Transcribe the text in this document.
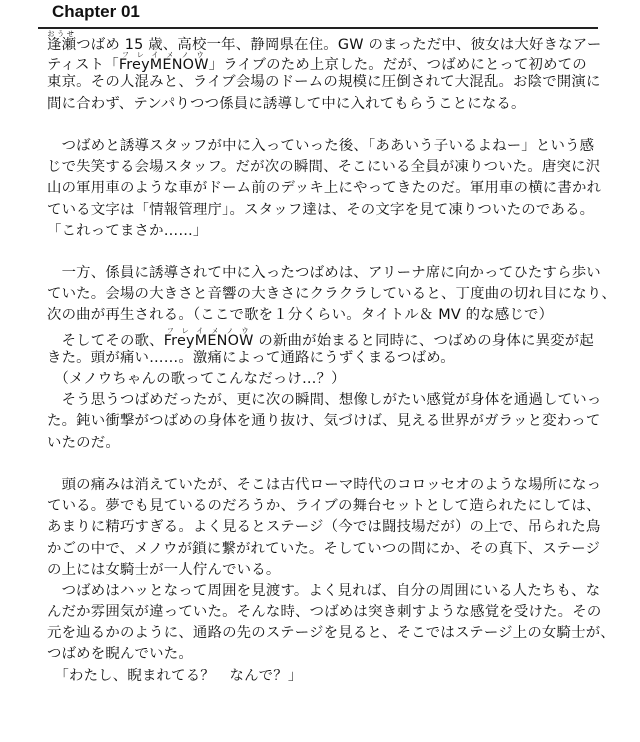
Chapter 01
逢瀬おうせつばめ 15 歳、高校一年、静岡県在住。GW のまっただ中、彼女は大好きなアー
ティスト「FreyMENOWフレイメノウ」ライブのため上京した。だが、つばめにとって初めての
東京。その人混みと、ライブ会場のドームの規模に圧倒されて大混乱。お陰で開演に
間に合わず、テンパりつつ係員に誘導して中に入れてもらうことになる。
　つばめと誘導スタッフが中に入っていった後、「ああいう子いるよねー」という感
じで失笑する会場スタッフ。だが次の瞬間、そこにいる全員が凍りついた。唐突に沢
山の軍用車のような車がドーム前のデッキ上にやってきたのだ。軍用車の横に書かれ
ている文字は「情報管理庁」。スタッフ達は、その文字を見て凍りついたのである。
「これってまさか……」
　一方、係員に誘導されて中に入ったつばめは、アリーナ席に向かってひたすら歩い
ていた。会場の大きさと音響の大きさにクラクラしていると、丁度曲の切れ目になり、
次の曲が再生される。（ここで歌を１分くらい。タイトル＆ MV 的な感じで）
　そしてその歌、FreyMENOWフレイメノウ の新曲が始まると同時に、つばめの身体に異変が起
きた。頭が痛い……。激痛によって通路にうずくまるつばめ。
　（メノウちゃんの歌ってこんなだっけ…？）
　そう思うつばめだったが、更に次の瞬間、想像しがたい感覚が身体を通過していっ
た。鈍い衝撃がつばめの身体を通り抜け、気づけば、見える世界がガラッと変わって
いたのだ。
　頭の痛みは消えていたが、そこは古代ローマ時代のコロッセオのような場所になっ
ている。夢でも見ているのだろうか、ライブの舞台セットとして造られたにしては、
あまりに精巧すぎる。よく見るとステージ（今では闘技場だが）の上で、吊られた鳥
かごの中で、メノウが鎖に繋がれていた。そしていつの間にか、その真下、ステージ
の上には女騎士が一人佇んでいる。
　つばめはハッとなって周囲を見渡す。よく見れば、自分の周囲にいる人たちも、な
んだか雰囲気が違っていた。そんな時、つばめは突き刺すような感覚を受けた。その
元を辿るかのように、通路の先のステージを見ると、そこではステージ上の女騎士が、
つばめを睨んでいた。
　「わたし、睨まれてる？　なんで？」
